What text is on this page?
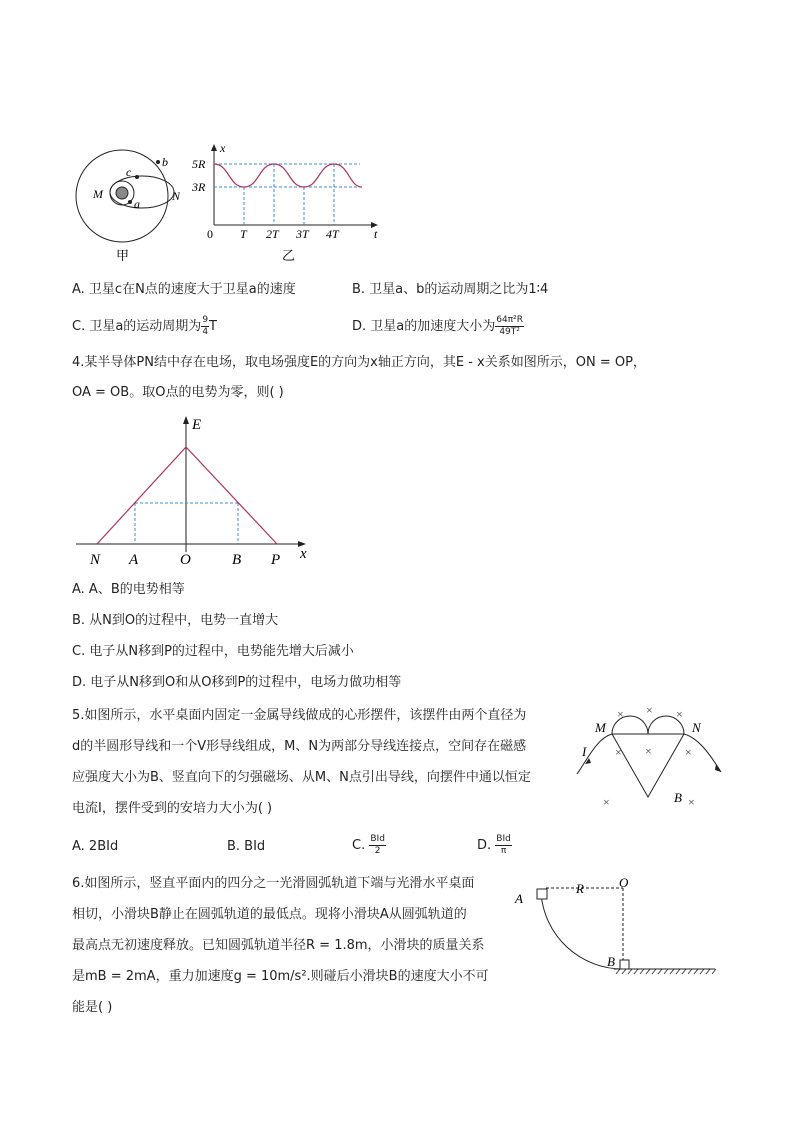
c
b
M	N
a
甲
x
t
5R
3R
0 T 2T 3T 4T
乙
A. 卫星c在N点的速度大于卫星a的速度	B. 卫星a、b的运动周期之比为1∶4
C. 卫星a的运动周期为 $\frac{9}{4}$ T	D. 卫星a的加速度大小为 $\frac{\text{64π²R}}{\text{49T²}}$
4.某半导体PN结中存在电场，取电场强度E的方向为x轴正方向，其E - x关系如图所示，ON = OP，
OA = OB。取O点的电势为零，则( )
E
x
N A	O	B P
A. A、B的电势相等
B. 从N到O的过程中，电势一直增大
C. 电子从N移到P的过程中，电势能先增大后减小
D. 电子从N移到O和从O移到P的过程中，电场力做功相等
5.如图所示，水平桌面内固定一金属导线做成的心形摆件，该摆件由两个直径为
d的半圆形导线和一个V形导线组成，M、N为两部分导线连接点，空间存在磁感
应强度大小为B、竖直向下的匀强磁场、从M、N点引出导线，向摆件中通以恒定
电流I，摆件受到的安培力大小为( )
× × ×
×
×	×
×	×
M	N
I
B
A. 2BId	B. BId	C. $\frac{\text{BId}}{2}$	D. $\frac{\text{BId}}{\pi}$
6.如图所示，竖直平面内的四分之一光滑圆弧轨道下端与光滑水平桌面
相切，小滑块B静止在圆弧轨道的最低点。现将小滑块A从圆弧轨道的
最高点无初速度释放。已知圆弧轨道半径R = 1.8m，小滑块的质量关系
是mB = 2mA，重力加速度g = 10m/s².则碰后小滑块B的速度大小不可
能是( )
A
R	O
B
